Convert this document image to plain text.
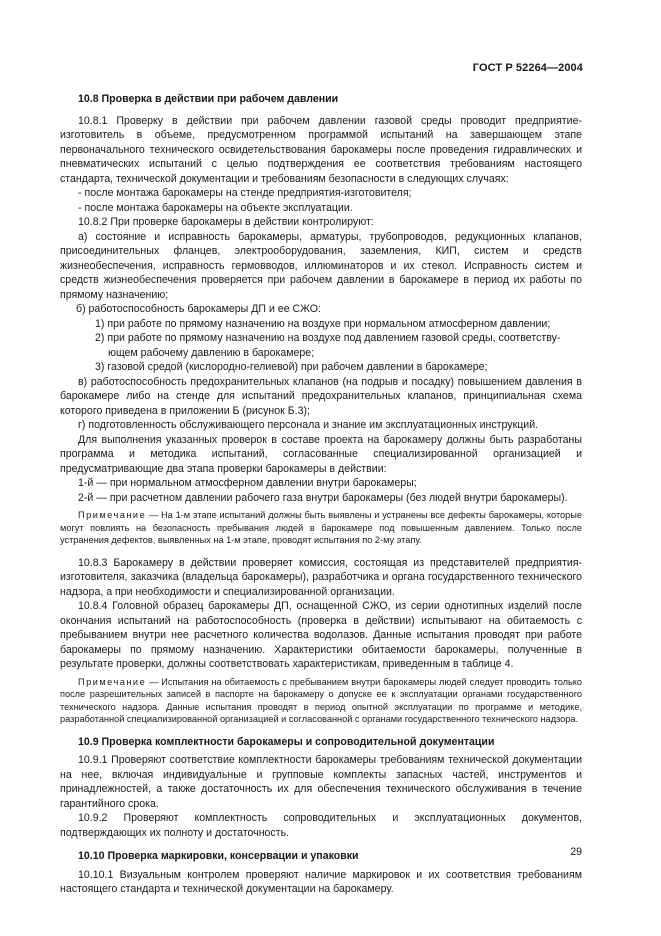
ГОСТ Р 52264—2004

10.8 Проверка в действии при рабочем давлении

10.8.1 Проверку в действии при рабочем давлении газовой среды проводит предприятие-изготовитель в объеме, предусмотренном программой испытаний на завершающем этапе первоначального технического освидетельствования барокамеры после проведения гидравлических и пневматических испытаний с целью подтверждения ее соответствия требованиям настоящего стандарта, технической документации и требованиям безопасности в следующих случаях:

- после монтажа барокамеры на стенде предприятия-изготовителя;

- после монтажа барокамеры на объекте эксплуатации.

10.8.2 При проверке барокамеры в действии контролируют:

а) состояние и исправность барокамеры, арматуры, трубопроводов, редукционных клапанов, присоединительных фланцев, электрооборудования, заземления, КИП, систем и средств жизнеобеспечения, исправность гермовводов, иллюминаторов и их стекол. Исправность систем и средств жизнеобеспечения проверяется при рабочем давлении в барокамере в период их работы по прямому назначению;

б) работоспособность барокамеры ДП и ее СЖО:

1) при работе по прямому назначению на воздухе при нормальном атмосферном давлении;

2) при работе по прямому назначению на воздухе под давлением газовой среды, соответству-

ющем рабочему давлению в барокамере;

3) газовой средой (кислородно-гелиевой) при рабочем давлении в барокамере;

в) работоспособность предохранительных клапанов (на подрыв и посадку) повышением давления в барокамере либо на стенде для испытаний предохранительных клапанов, принципиальная схема которого приведена в приложении Б (рисунок Б.3);

г) подготовленность обслуживающего персонала и знание им эксплуатационных инструкций.

Для выполнения указанных проверок в составе проекта на барокамеру должны быть разработаны программа и методика испытаний, согласованные специализированной организацией и предусматривающие два этапа проверки барокамеры в действии:

1-й — при нормальном атмосферном давлении внутри барокамеры;

2-й — при расчетном давлении рабочего газа внутри барокамеры (без людей внутри барокамеры).

Примечание — На 1-м этапе испытаний должны быть выявлены и устранены все дефекты барокамеры, которые могут повлиять на безопасность пребывания людей в барокамере под повышенным давлением. Только после устранения дефектов, выявленных на 1-м этапе, проводят испытания по 2-му этапу.

10.8.3 Барокамеру в действии проверяет комиссия, состоящая из представителей предприятия-изготовителя, заказчика (владельца барокамеры), разработчика и органа государственного технического надзора, а при необходимости и специализированной организации.

10.8.4 Головной образец барокамеры ДП, оснащенной СЖО, из серии однотипных изделий после окончания испытаний на работоспособность (проверка в действии) испытывают на обитаемость с пребыванием внутри нее расчетного количества водолазов. Данные испытания проводят при работе барокамеры по прямому назначению. Характеристики обитаемости барокамеры, полученные в результате проверки, должны соответствовать характеристикам, приведенным в таблице 4.

Примечание — Испытания на обитаемость с пребыванием внутри барокамеры людей следует проводить только после разрешительных записей в паспорте на барокамеру о допуске ее к эксплуатации органами государственного технического надзора. Данные испытания проводят в период опытной эксплуатации по программе и методике, разработанной специализированной организацией и согласованной с органами государственного технического надзора.

10.9 Проверка комплектности барокамеры и сопроводительной документации

10.9.1 Проверяют соответствие комплектности барокамеры требованиям технической документации на нее, включая индивидуальные и групповые комплекты запасных частей, инструментов и принадлежностей, а также достаточность их для обеспечения технического обслуживания в течение гарантийного срока.

10.9.2 Проверяют комплектность сопроводительных и эксплуатационных документов, подтверждающих их полноту и достаточность.

10.10 Проверка маркировки, консервации и упаковки

10.10.1 Визуальным контролем проверяют наличие маркировок и их соответствия требованиям настоящего стандарта и технической документации на барокамеру.

29
